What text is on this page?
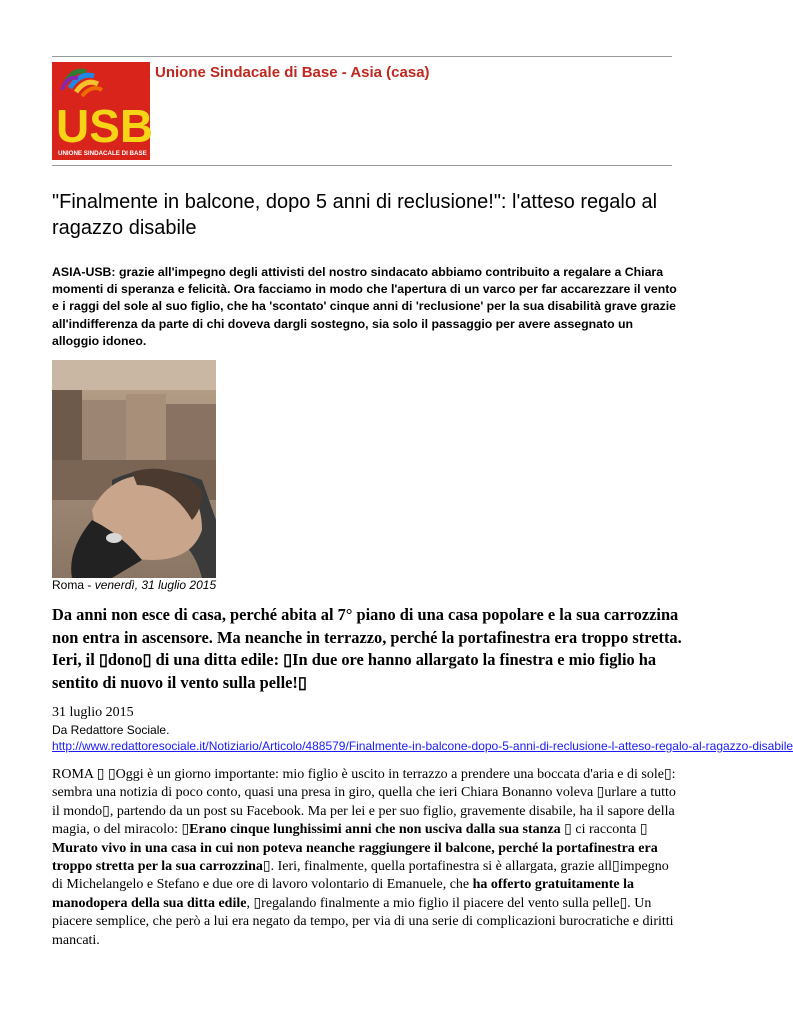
USB
UNIONE SINDACALE DI BASE
Unione Sindacale di Base - Asia (casa)
"Finalmente in balcone, dopo 5 anni di reclusione!": l'atteso regalo al ragazzo disabile
ASIA-USB: grazie all'impegno degli attivisti del nostro sindacato abbiamo contribuito a regalare a Chiara momenti di speranza e felicità. Ora facciamo in modo che l'apertura di un varco per far accarezzare il vento e i raggi del sole al suo figlio, che ha 'scontato' cinque anni di 'reclusione' per la sua disabilità grave grazie all'indifferenza da parte di chi doveva dargli sostegno, sia solo il passaggio per avere assegnato un alloggio idoneo.
Roma - venerdì, 31 luglio 2015
Da anni non esce di casa, perché abita al 7° piano di una casa popolare e la sua carrozzina non entra in ascensore. Ma neanche in terrazzo, perché la portafinestra era troppo stretta. Ieri, il ▯dono▯ di una ditta edile: ▯In due ore hanno allargato la finestra e mio figlio ha sentito di nuovo il vento sulla pelle!▯
31 luglio 2015
Da Redattore Sociale.
http://www.redattoresociale.it/Notiziario/Articolo/488579/Finalmente-in-balcone-dopo-5-anni-di-reclusione-l-atteso-regalo-al-ragazzo-disabile
ROMA ▯ ▯Oggi è un giorno importante: mio figlio è uscito in terrazzo a prendere una boccata d'aria e di sole▯: sembra una notizia di poco conto, quasi una presa in giro, quella che ieri Chiara Bonanno voleva ▯urlare a tutto il mondo▯, partendo da un post su Facebook. Ma per lei e per suo figlio, gravemente disabile, ha il sapore della magia, o del miracolo: ▯Erano cinque lunghissimi anni che non usciva dalla sua stanza ▯ ci racconta ▯ Murato vivo in una casa in cui non poteva neanche raggiungere il balcone, perché la portafinestra era troppo stretta per la sua carrozzina▯. Ieri, finalmente, quella portafinestra si è allargata, grazie all▯impegno di Michelangelo e Stefano e due ore di lavoro volontario di Emanuele, che ha offerto gratuitamente la manodopera della sua ditta edile, ▯regalando finalmente a mio figlio il piacere del vento sulla pelle▯. Un piacere semplice, che però a lui era negato da tempo, per via di una serie di complicazioni burocratiche e diritti mancati.
